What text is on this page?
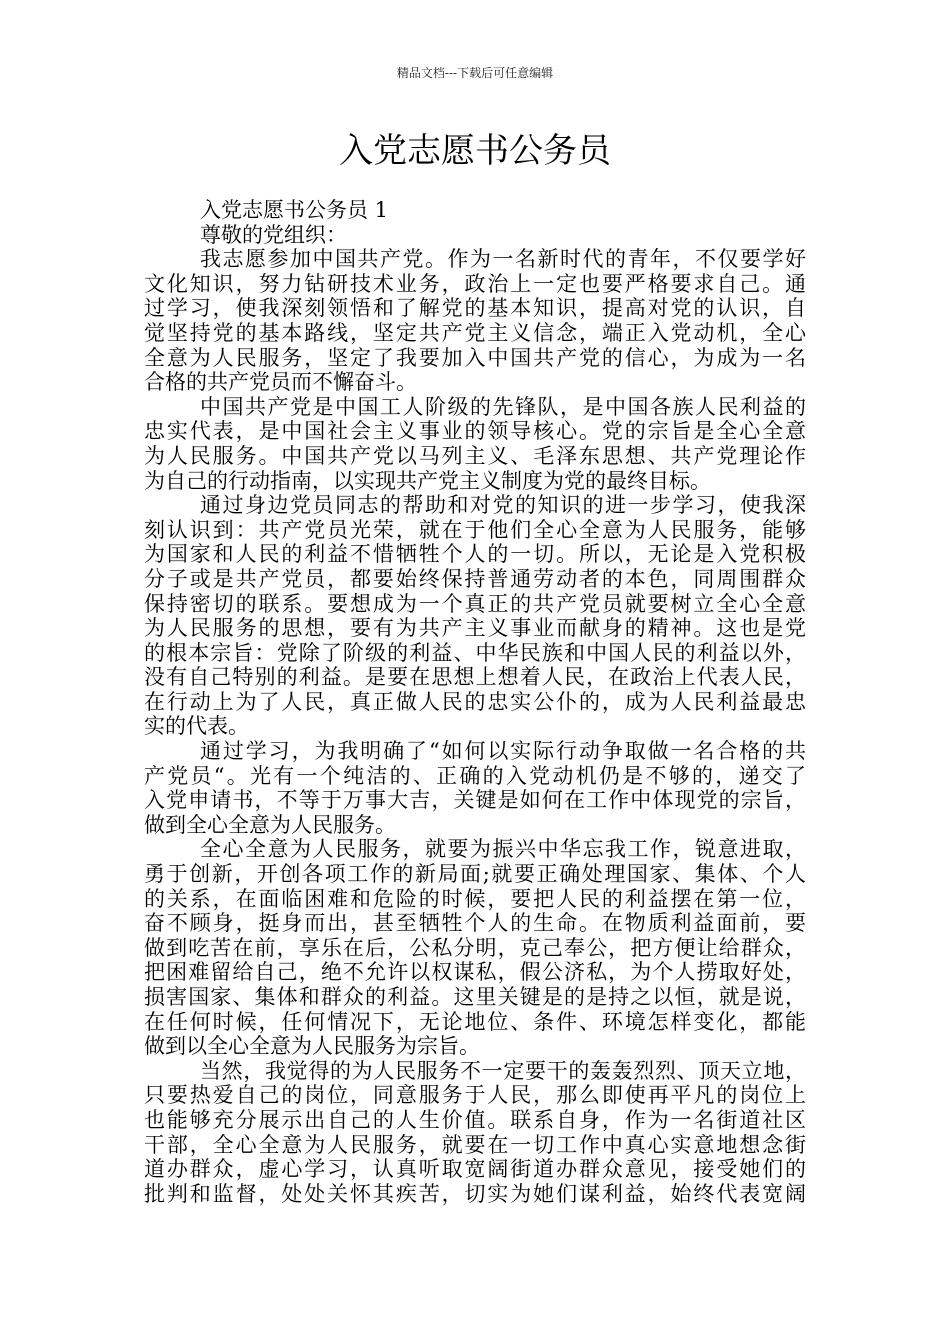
精品文档---下载后可任意编辑
入党志愿书公务员
入党志愿书公务员 1
尊敬的党组织：
我志愿参加中国共产党。作为一名新时代的青年，不仅要学好
文化知识，努力钻研技术业务，政治上一定也要严格要求自己。通
过学习，使我深刻领悟和了解党的基本知识，提高对党的认识，自
觉坚持党的基本路线，坚定共产党主义信念，端正入党动机，全心
全意为人民服务，坚定了我要加入中国共产党的信心，为成为一名
合格的共产党员而不懈奋斗。
中国共产党是中国工人阶级的先锋队，是中国各族人民利益的
忠实代表，是中国社会主义事业的领导核心。党的宗旨是全心全意
为人民服务。中国共产党以马列主义、毛泽东思想、共产党理论作
为自己的行动指南，以实现共产党主义制度为党的最终目标。
通过身边党员同志的帮助和对党的知识的进一步学习，使我深
刻认识到：共产党员光荣，就在于他们全心全意为人民服务，能够
为国家和人民的利益不惜牺牲个人的一切。所以，无论是入党积极
分子或是共产党员，都要始终保持普通劳动者的本色，同周围群众
保持密切的联系。要想成为一个真正的共产党员就要树立全心全意
为人民服务的思想，要有为共产主义事业而献身的精神。这也是党
的根本宗旨：党除了阶级的利益、中华民族和中国人民的利益以外，
没有自己特别的利益。是要在思想上想着人民，在政治上代表人民，
在行动上为了人民，真正做人民的忠实公仆的，成为人民利益最忠
实的代表。
通过学习，为我明确了“如何以实际行动争取做一名合格的共
产党员“。光有一个纯洁的、正确的入党动机仍是不够的，递交了
入党申请书，不等于万事大吉，关键是如何在工作中体现党的宗旨，
做到全心全意为人民服务。
全心全意为人民服务，就要为振兴中华忘我工作，锐意进取，
勇于创新，开创各项工作的新局面;就要正确处理国家、集体、个人
的关系，在面临困难和危险的时候，要把人民的利益摆在第一位，
奋不顾身，挺身而出，甚至牺牲个人的生命。在物质利益面前，要
做到吃苦在前，享乐在后，公私分明，克己奉公，把方便让给群众，
把困难留给自己，绝不允许以权谋私，假公济私，为个人捞取好处，
损害国家、集体和群众的利益。这里关键是的是持之以恒，就是说，
在任何时候，任何情况下，无论地位、条件、环境怎样变化，都能
做到以全心全意为人民服务为宗旨。
当然，我觉得的为人民服务不一定要干的轰轰烈烈、顶天立地，
只要热爱自己的岗位，同意服务于人民，那么即使再平凡的岗位上
也能够充分展示出自己的人生价值。联系自身，作为一名街道社区
干部，全心全意为人民服务，就要在一切工作中真心实意地想念街
道办群众，虚心学习，认真听取宽阔街道办群众意见，接受她们的
批判和监督，处处关怀其疾苦，切实为她们谋利益，始终代表宽阔
